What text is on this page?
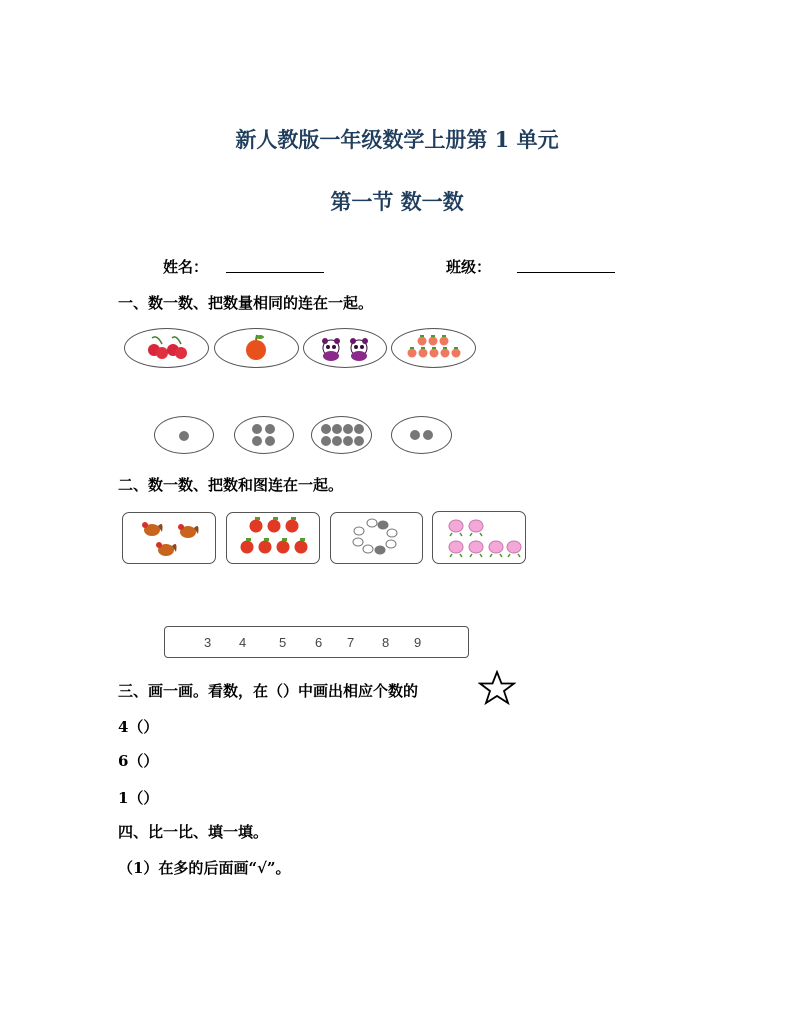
新人教版一年级数学上册第 1 单元
第一节 数一数
姓名：	班级：
一、数一数、把数量相同的连在一起。
二、数一数、把数和图连在一起。
3 4	5 6 7 8 9
三、画一画。看数，在（）中画出相应个数的
4（）
6（）
1（）
四、比一比、填一填。
（1）在多的后面画“√”。
